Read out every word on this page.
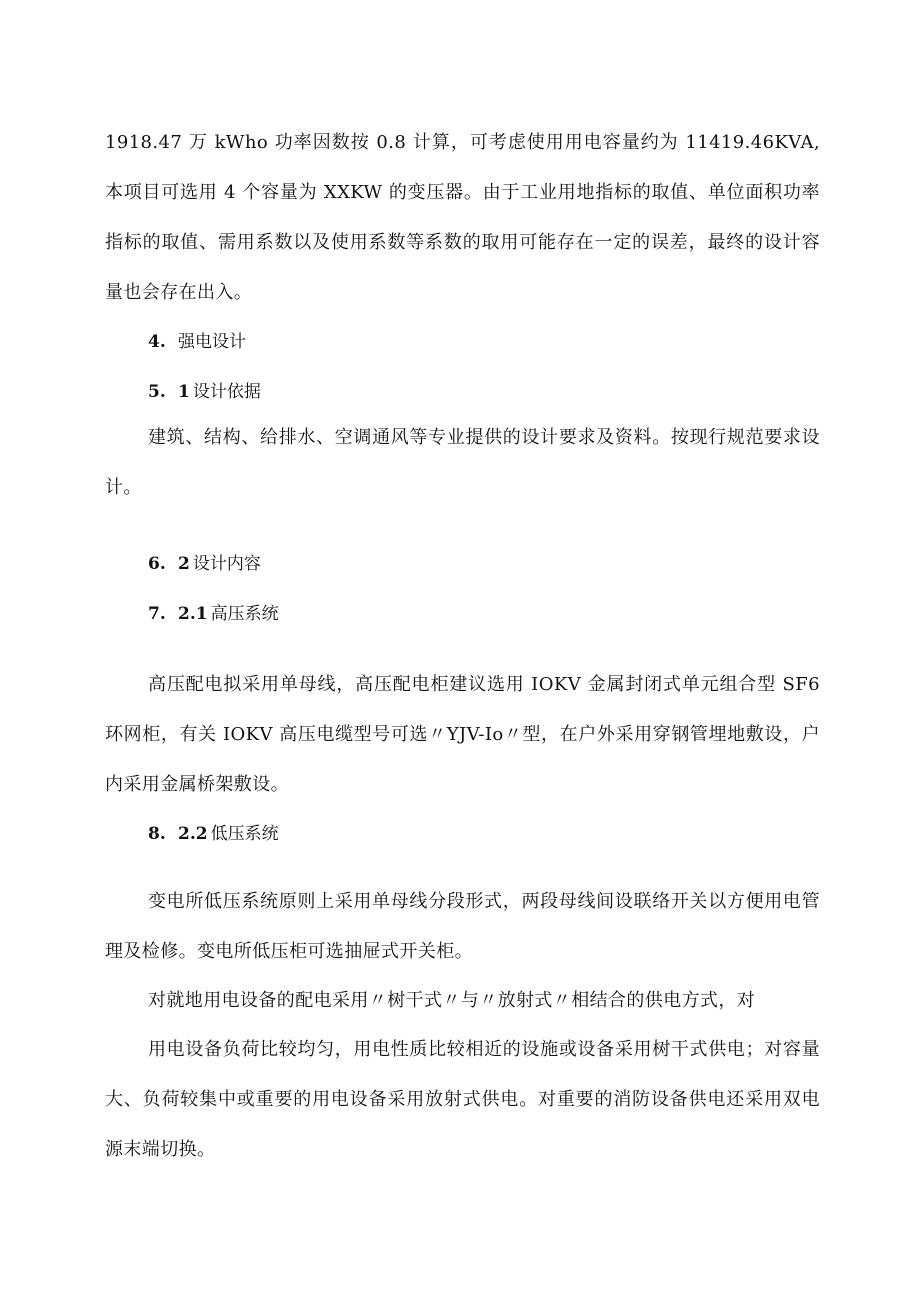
1918.47 万 kWho 功率因数按 0.8 计算，可考虑使用用电容量约为 11419.46KVA,本项目可选用 4 个容量为 XXKW 的变压器。由于工业用地指标的取值、单位面积功率指标的取值、需用系数以及使用系数等系数的取用可能存在一定的误差，最终的设计容量也会存在出入。

4. 强电设计
5. 1 设计依据

建筑、结构、给排水、空调通风等专业提供的设计要求及资料。按现行规范要求设计。

6. 2 设计内容
7. 2.1 高压系统

高压配电拟采用单母线，高压配电柜建议选用 IOKV 金属封闭式单元组合型 SF6 环网柜，有关 IOKV 高压电缆型号可选〃YJV-Io〃型，在户外采用穿钢管埋地敷设，户内采用金属桥架敷设。

8. 2.2 低压系统

变电所低压系统原则上采用单母线分段形式，两段母线间设联络开关以方便用电管理及检修。变电所低压柜可选抽屉式开关柜。

对就地用电设备的配电采用〃树干式〃与〃放射式〃相结合的供电方式，对

用电设备负荷比较均匀，用电性质比较相近的设施或设备采用树干式供电；对容量大、负荷较集中或重要的用电设备采用放射式供电。对重要的消防设备供电还采用双电源末端切换。
